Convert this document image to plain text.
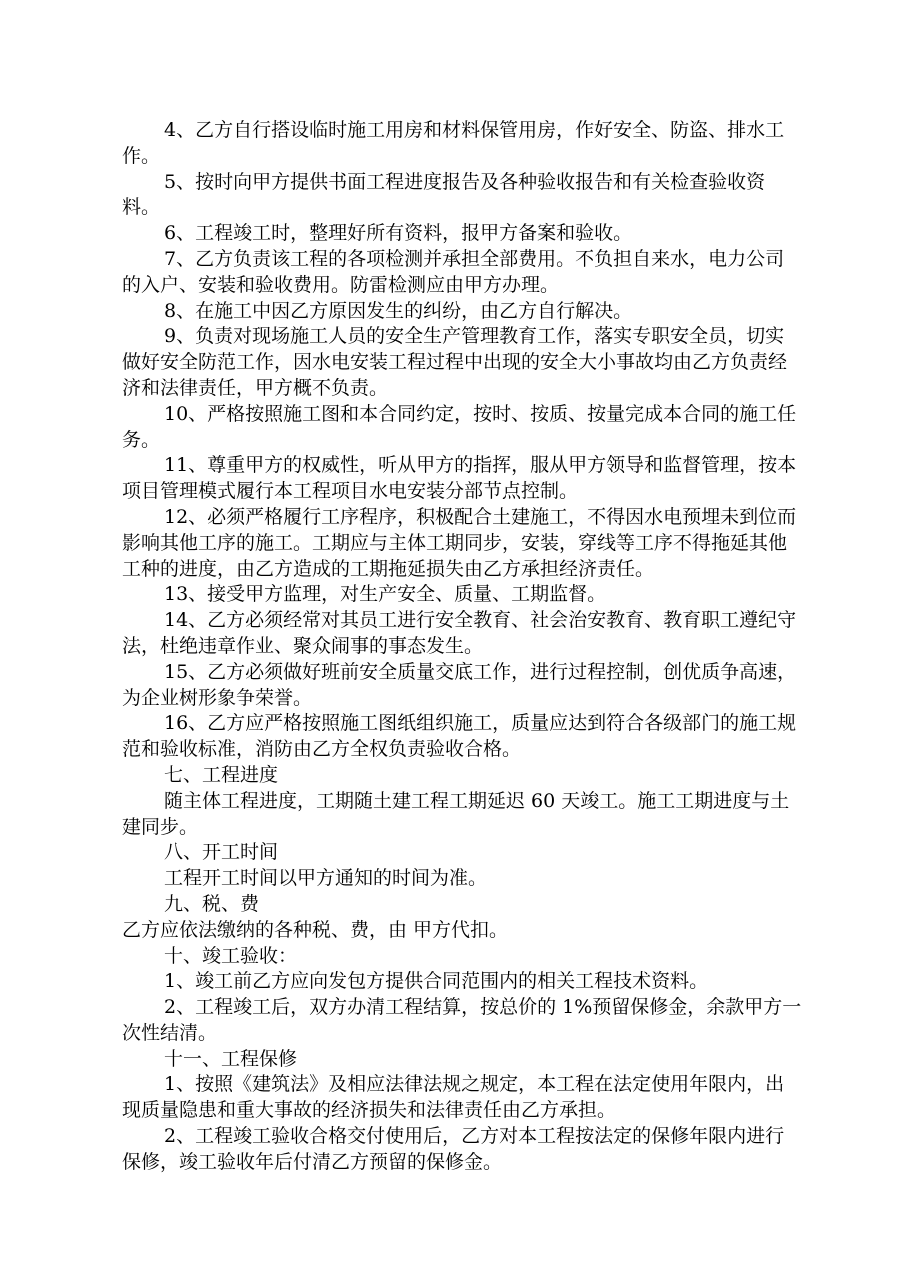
4、乙方自行搭设临时施工用房和材料保管用房，作好安全、防盗、排水工作。

5、按时向甲方提供书面工程进度报告及各种验收报告和有关检查验收资料。

6、工程竣工时，整理好所有资料，报甲方备案和验收。

7、乙方负责该工程的各项检测并承担全部费用。不负担自来水，电力公司的入户、安装和验收费用。防雷检测应由甲方办理。

8、在施工中因乙方原因发生的纠纷，由乙方自行解决。

9、负责对现场施工人员的安全生产管理教育工作，落实专职安全员，切实做好安全防范工作，因水电安装工程过程中出现的安全大小事故均由乙方负责经济和法律责任，甲方概不负责。

10、严格按照施工图和本合同约定，按时、按质、按量完成本合同的施工任务。

11、尊重甲方的权威性，听从甲方的指挥，服从甲方领导和监督管理，按本项目管理模式履行本工程项目水电安装分部节点控制。

12、必须严格履行工序程序，积极配合土建施工，不得因水电预埋未到位而影响其他工序的施工。工期应与主体工期同步，安装，穿线等工序不得拖延其他工种的进度，由乙方造成的工期拖延损失由乙方承担经济责任。

13、接受甲方监理，对生产安全、质量、工期监督。

14、乙方必须经常对其员工进行安全教育、社会治安教育、教育职工遵纪守法，杜绝违章作业、聚众闹事的事态发生。

15、乙方必须做好班前安全质量交底工作，进行过程控制，创优质争高速，为企业树形象争荣誉。

16、乙方应严格按照施工图纸组织施工，质量应达到符合各级部门的施工规范和验收标准，消防由乙方全权负责验收合格。

七、工程进度

随主体工程进度，工期随土建工程工期延迟 60 天竣工。施工工期进度与土建同步。

八、开工时间

工程开工时间以甲方通知的时间为准。

九、税、费

乙方应依法缴纳的各种税、费，由 甲方代扣。

十、竣工验收：

1、竣工前乙方应向发包方提供合同范围内的相关工程技术资料。

2、工程竣工后，双方办清工程结算，按总价的 1%预留保修金，余款甲方一次性结清。

十一、工程保修

1、按照《建筑法》及相应法律法规之规定，本工程在法定使用年限内，出现质量隐患和重大事故的经济损失和法律责任由乙方承担。

2、工程竣工验收合格交付使用后，乙方对本工程按法定的保修年限内进行保修，竣工验收年后付清乙方预留的保修金。
